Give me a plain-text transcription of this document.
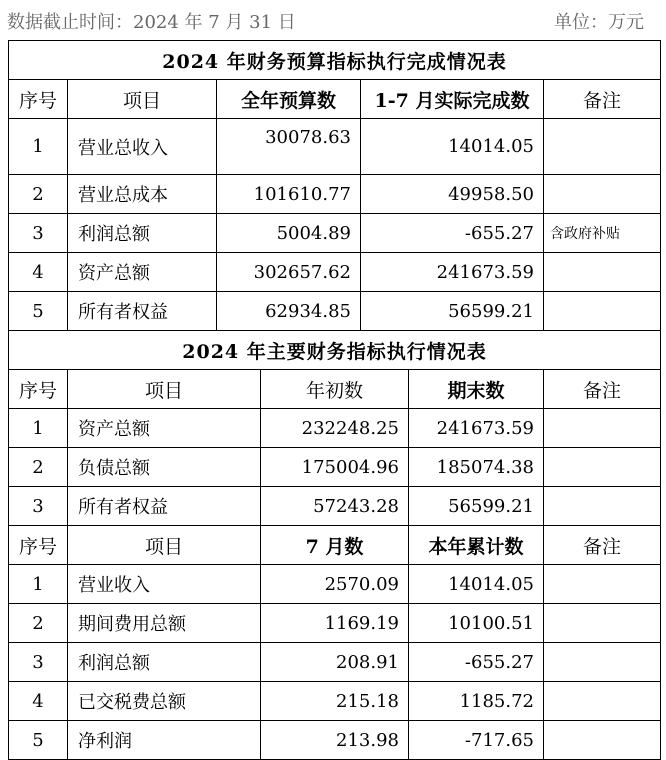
数据截止时间：2024 年 7 月 31 日	单位：万元
2024 年财务预算指标执行完成情况表				
序号	项目	全年预算数	1-7 月实际完成数	备注
1	营业总收入	30078.63	14014.05	
2	营业总成本	101610.77	49958.50	
3	利润总额	5004.89	-655.27	含政府补贴
4	资产总额	302657.62	241673.59	
5	所有者权益	62934.85	56599.21	
2024 年主要财务指标执行情况表				
序号	项目	年初数	期末数	备注
1	资产总额	232248.25	241673.59	
2	负债总额	175004.96	185074.38	
3	所有者权益	57243.28	56599.21	
序号	项目	7 月数	本年累计数	备注
1	营业收入	2570.09	14014.05	
2	期间费用总额	1169.19	10100.51	
3	利润总额	208.91	-655.27	
4	已交税费总额	215.18	1185.72	
5	净利润	213.98	-717.65	
